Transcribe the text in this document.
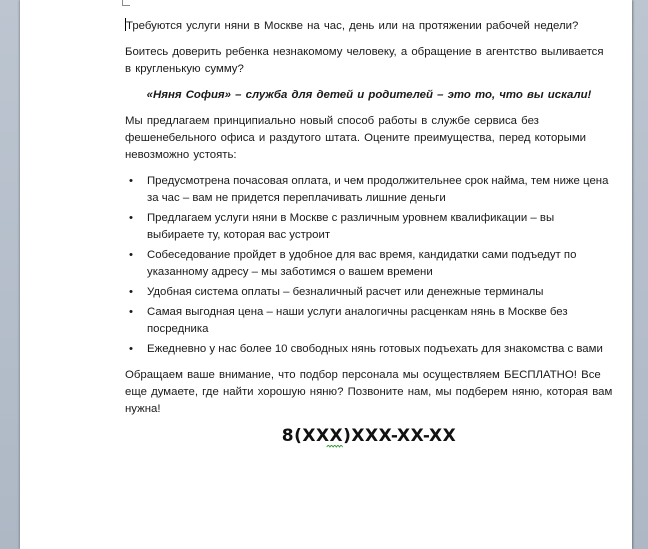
Требуются услуги няни в Москве на час, день или на протяжении рабочей недели?

Боитесь доверить ребенка незнакомому человеку, а обращение в агентство выливается в кругленькую сумму?

«Няня София» – служба для детей и родителей – это то, что вы искали!

Мы предлагаем принципиально новый способ работы в службе сервиса без фешенебельного офиса и раздутого штата. Оцените преимущества, перед которыми невозможно устоять:

• Предусмотрена почасовая оплата, и чем продолжительнее срок найма, тем ниже цена за час – вам не придется переплачивать лишние деньги
• Предлагаем услуги няни в Москве с различным уровнем квалификации – вы выбираете ту, которая вас устроит
• Собеседование пройдет в удобное для вас время, кандидатки сами подъедут по указанному адресу – мы заботимся о вашем времени
• Удобная система оплаты – безналичный расчет или денежные терминалы
• Самая выгодная цена – наши услуги аналогичны расценкам нянь в Москве без посредника
• Ежедневно у нас более 10 свободных нянь готовых подъехать для знакомства с вами

Обращаем ваше внимание, что подбор персонала мы осуществляем БЕСПЛАТНО! Все еще думаете, где найти хорошую няню? Позвоните нам, мы подберем няню, которая вам нужна!

8(XXX)XXX-XX-XX
